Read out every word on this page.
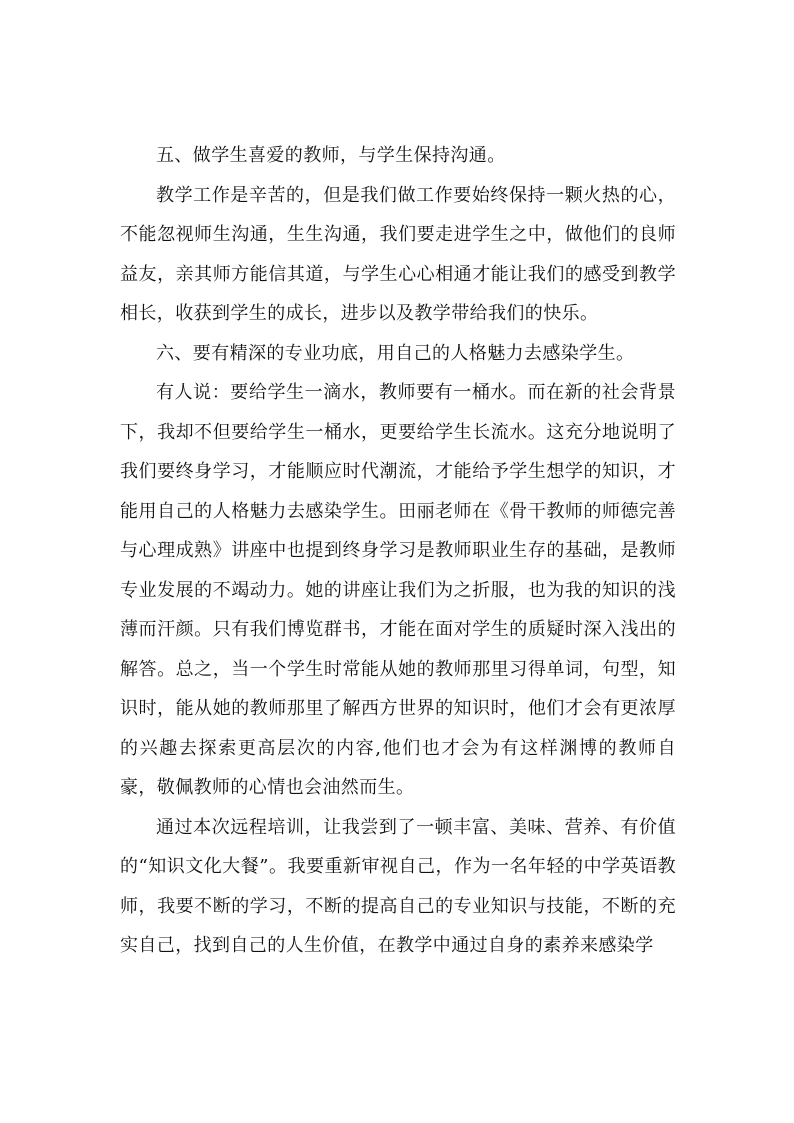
五、做学生喜爱的教师，与学生保持沟通。

教学工作是辛苦的，但是我们做工作要始终保持一颗火热的心，不能忽视师生沟通，生生沟通，我们要走进学生之中，做他们的良师益友，亲其师方能信其道，与学生心心相通才能让我们的感受到教学相长，收获到学生的成长，进步以及教学带给我们的快乐。

六、要有精深的专业功底，用自己的人格魅力去感染学生。

有人说：要给学生一滴水，教师要有一桶水。而在新的社会背景下，我却不但要给学生一桶水，更要给学生长流水。这充分地说明了我们要终身学习，才能顺应时代潮流，才能给予学生想学的知识，才能用自己的人格魅力去感染学生。田丽老师在《骨干教师的师德完善与心理成熟》讲座中也提到终身学习是教师职业生存的基础，是教师专业发展的不竭动力。她的讲座让我们为之折服，也为我的知识的浅薄而汗颜。只有我们博览群书，才能在面对学生的质疑时深入浅出的解答。总之，当一个学生时常能从她的教师那里习得单词，句型，知识时，能从她的教师那里了解西方世界的知识时，他们才会有更浓厚的兴趣去探索更高层次的内容,他们也才会为有这样渊博的教师自豪，敬佩教师的心情也会油然而生。

通过本次远程培训，让我尝到了一顿丰富、美味、营养、有价值的“知识文化大餐”。我要重新审视自己，作为一名年轻的中学英语教师，我要不断的学习，不断的提高自己的专业知识与技能，不断的充实自己，找到自己的人生价值，在教学中通过自身的素养来感染学
